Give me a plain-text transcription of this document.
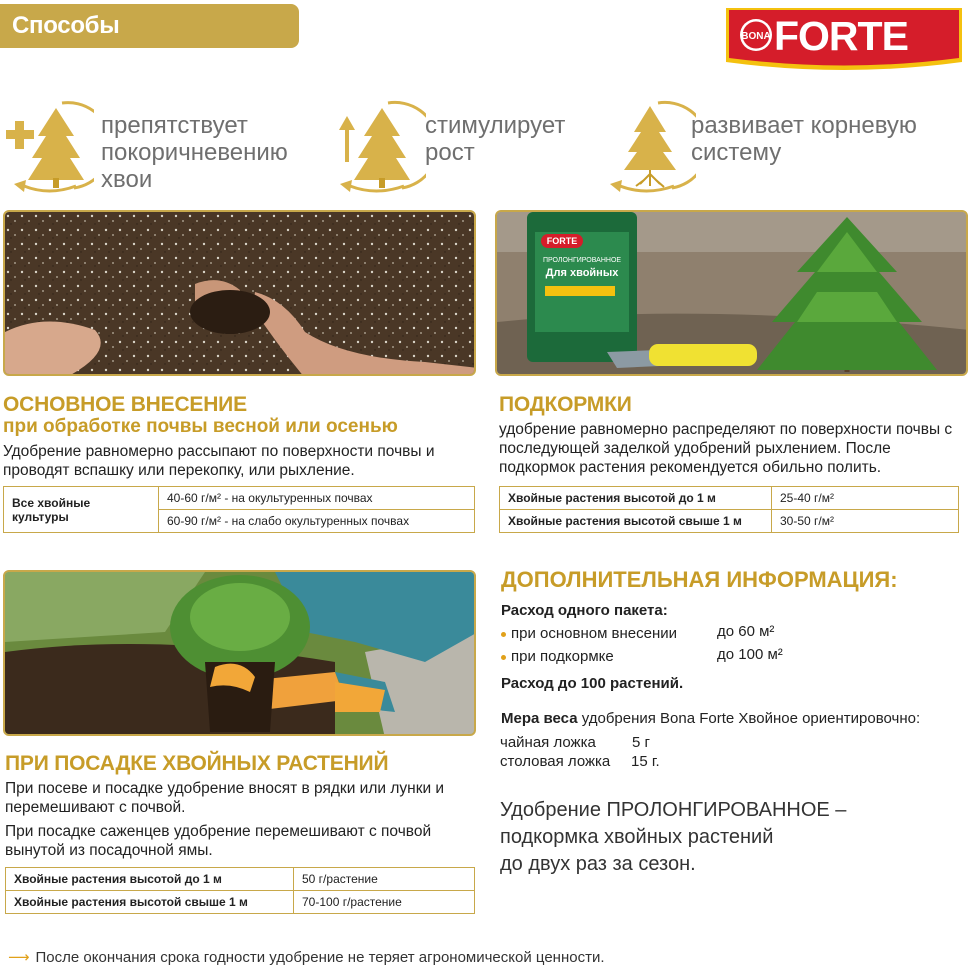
Способы использования
BONA FORTE
препятствует
покоричневению
хвои
стимулирует
рост
развивает корневую
систему
FORTE
ПРОЛОНГИРОВАННОЕ
Для хвойных
ОСНОВНОЕ ВНЕСЕНИЕ
при обработке почвы весной или осенью
Удобрение равномерно рассыпают по поверхности почвы и проводят вспашку или перекопку, или рыхление.
Все хвойные культуры	40-60 г/м² - на окультуренных почвах
60-90 г/м² - на слабо окультуренных почвах
ПОДКОРМКИ
удобрение равномерно распределяют по поверхности почвы с последующей заделкой удобрений рыхлением. После подкормок растения рекомендуется обильно полить.
Хвойные растения высотой до 1 м	25-40 г/м²
Хвойные растения высотой свыше 1 м	30-50 г/м²
ПРИ ПОСАДКЕ ХВОЙНЫХ РАСТЕНИЙ
При посеве и посадке удобрение вносят в рядки или лунки и перемешивают с почвой.
При посадке саженцев удобрение перемешивают с почвой вынутой из посадочной ямы.
Хвойные растения высотой до 1 м	50 г/растение
Хвойные растения высотой свыше 1 м	70-100 г/растение
ДОПОЛНИТЕЛЬНАЯ ИНФОРМАЦИЯ:
Расход одного пакета:
при основном внесении	до 60 м²
при подкормке	до 100 м²
Расход до 100 растений.
Мера веса удобрения Bona Forte Хвойное ориентировочно:
чайная ложка 5 г
столовая ложка 15 г.
Удобрение ПРОЛОНГИРОВАННОЕ –
подкормка хвойных растений
до двух раз за сезон.
⟶ После окончания срока годности удобрение не теряет агрономической ценности.
